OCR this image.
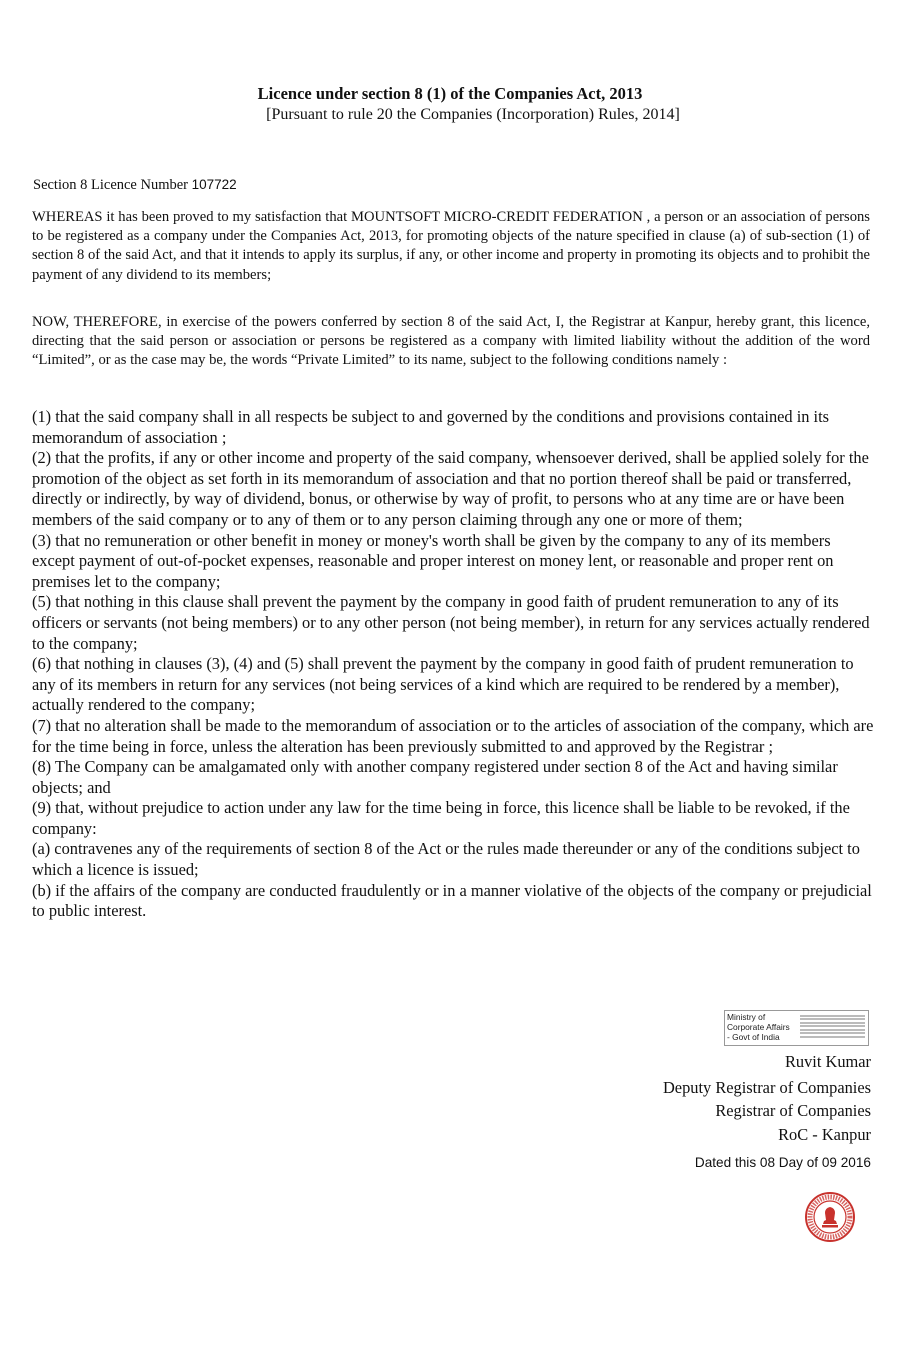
Licence under section 8 (1) of the Companies Act, 2013
[Pursuant to rule 20 the Companies (Incorporation) Rules, 2014]
Section 8 Licence Number 107722
WHEREAS it has been proved to my satisfaction that MOUNTSOFT MICRO-CREDIT FEDERATION , a person or an association of persons to be registered as a company under the Companies Act, 2013, for promoting objects of the nature specified in clause (a) of sub-section (1) of section 8 of the said Act, and that it intends to apply its surplus, if any, or other income and property in promoting its objects and to prohibit the payment of any dividend to its members;
NOW, THEREFORE, in exercise of the powers conferred by section 8 of the said Act, I, the Registrar at Kanpur, hereby grant, this licence, directing that the said person or association or persons be registered as a company with limited liability without the addition of the word “Limited”, or as the case may be, the words “Private Limited” to its name, subject to the following conditions namely :

(1) that the said company shall in all respects be subject to and governed by the conditions and provisions contained in its memorandum of association ;

(2) that the profits, if any or other income and property of the said company, whensoever derived, shall be applied solely for the promotion of the object as set forth in its memorandum of association and that no portion thereof shall be paid or transferred, directly or indirectly, by way of dividend, bonus, or otherwise by way of profit, to persons who at any time are or have been members of the said company or to any of them or to any person claiming through any one or more of them;

(3) that no remuneration or other benefit in money or money's worth shall be given by the company to any of its members except payment of out-of-pocket expenses, reasonable and proper interest on money lent, or reasonable and proper rent on premises let to the company;

(5) that nothing in this clause shall prevent the payment by the company in good faith of prudent remuneration to any of its officers or servants (not being members) or to any other person (not being member), in return for any services actually rendered to the company;

(6) that nothing in clauses (3), (4) and (5) shall prevent the payment by the company in good faith of prudent remuneration to any of its members in return for any services (not being services of a kind which are required to be rendered by a member), actually rendered to the company;

(7) that no alteration shall be made to the memorandum of association or to the articles of association of the company, which are for the time being in force, unless the alteration has been previously submitted to and approved by the Registrar ;

(8) The Company can be amalgamated only with another company registered under section 8 of the Act and having similar objects; and

(9) that, without prejudice to action under any law for the time being in force, this licence shall be liable to be revoked, if the company:

(a) contravenes any of the requirements of section 8 of the Act or the rules made thereunder or any of the conditions subject to which a licence is issued;

(b) if the affairs of the company are conducted fraudulently or in a manner violative of the objects of the company or prejudicial to public interest.

Ministry of
Corporate Affairs
- Govt of India
Ruvit Kumar
Deputy Registrar of Companies
Registrar of Companies
RoC - Kanpur
Dated this 08 Day of 09 2016
